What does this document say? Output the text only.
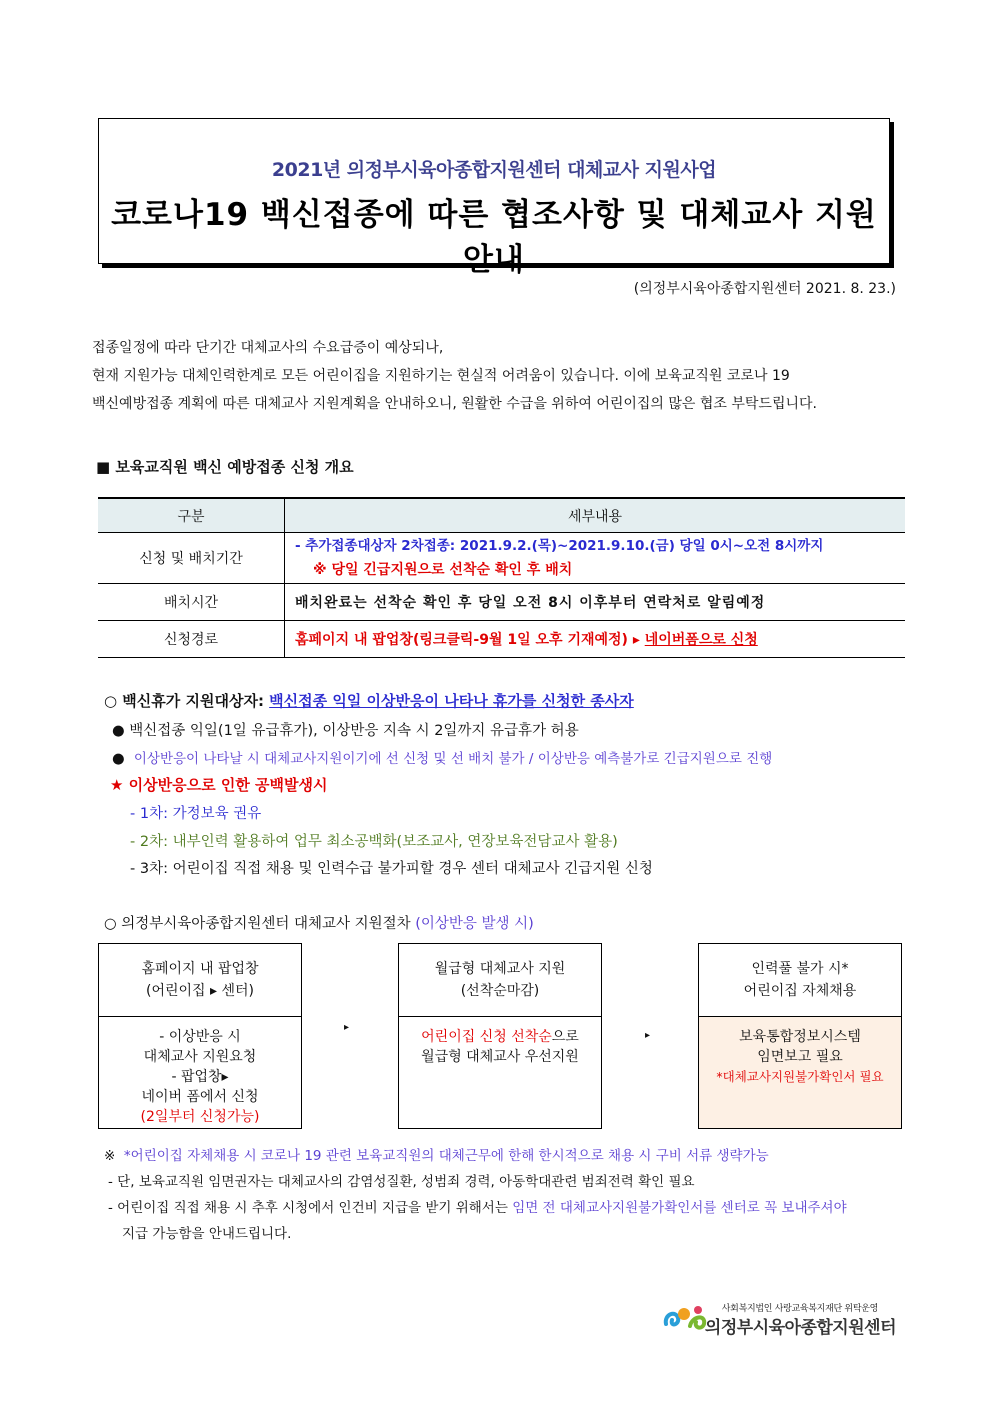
2021년 의정부시육아종합지원센터 대체교사 지원사업
코로나19 백신접종에 따른 협조사항 및 대체교사 지원안내
(의정부시육아종합지원센터 2021. 8. 23.)
접종일정에 따라 단기간 대체교사의 수요급증이 예상되나,
현재 지원가능 대체인력한계로 모든 어린이집을 지원하기는 현실적 어려움이 있습니다. 이에 보육교직원 코로나 19
백신예방접종 계획에 따른 대체교사 지원계획을 안내하오니, 원활한 수급을 위하여 어린이집의 많은 협조 부탁드립니다.
■ 보육교직원 백신 예방접종 신청 개요
구분	세부내용
신청 및 배치기간	- 추가접종대상자 2차접종: 2021.9.2.(목)~2021.9.10.(금) 당일 0시~오전 8시까지
※ 당일 긴급지원으로 선착순 확인 후 배치

배치시간	배치완료는 선착순 확인 후 당일 오전 8시 이후부터 연락처로 알림예정
신청경로	홈페이지 내 팝업창(링크클릭-9월 1일 오후 기재예정) ▸ 네이버폼으로 신청
○ 백신휴가 지원대상자: 백신접종 익일 이상반응이 나타나 휴가를 신청한 종사자
● 백신접종 익일(1일 유급휴가), 이상반응 지속 시 2일까지 유급휴가 허용
● 이상반응이 나타날 시 대체교사지원이기에 선 신청 및 선 배치 불가 / 이상반응 예측불가로 긴급지원으로 진행
★ 이상반응으로 인한 공백발생시
- 1차: 가정보육 권유
- 2차: 내부인력 활용하여 업무 최소공백화(보조교사, 연장보육전담교사 활용)
- 3차: 어린이집 직접 채용 및 인력수급 불가피할 경우 센터 대체교사 긴급지원 신청
○ 의정부시육아종합지원센터 대체교사 지원절차 (이상반응 발생 시)
홈페이지 내 팝업창
(어린이집 ▸ 센터)
- 이상반응 시
대체교사 지원요청
- 팝업창▸
네이버 폼에서 신청
(2일부터 신청가능)
▸
월급형 대체교사 지원
(선착순마감)
어린이집 신청 선착순으로
월급형 대체교사 우선지원
▸
인력풀 불가 시*
어린이집 자체채용
보육통합정보시스템
임면보고 필요
*대체교사지원불가확인서 필요
※ *어린이집 자체채용 시 코로나 19 관련 보육교직원의 대체근무에 한해 한시적으로 채용 시 구비 서류 생략가능
- 단, 보육교직원 임면권자는 대체교사의 감염성질환, 성범죄 경력, 아동학대관련 범죄전력 확인 필요
- 어린이집 직접 채용 시 추후 시청에서 인건비 지급을 받기 위해서는 임면 전 대체교사지원불가확인서를 센터로 꼭 보내주셔야
지급 가능함을 안내드립니다.
사회복지법인 사랑교육복지재단 위탁운영
의정부시육아종합지원센터
